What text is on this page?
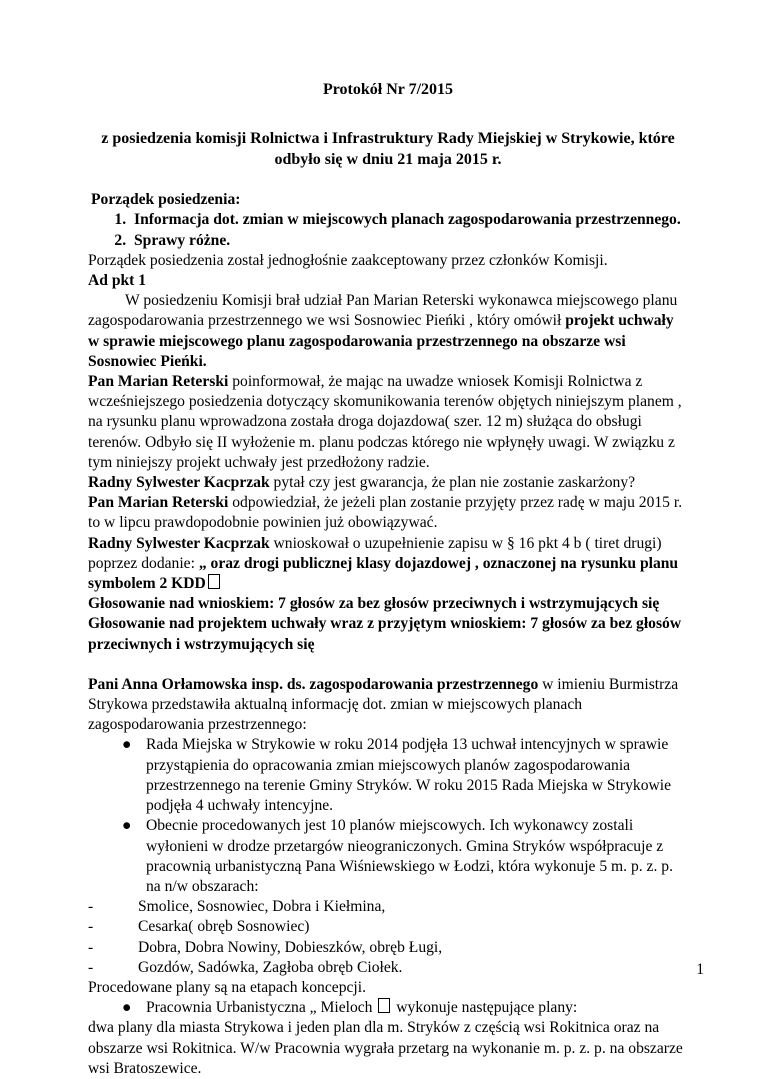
Protokół Nr 7/2015

z posiedzenia komisji Rolnictwa i Infrastruktury Rady Miejskiej w Strykowie, które odbyło się w dniu 21 maja 2015 r.

Porządek posiedzenia:

1. Informacja dot. zmian w miejscowych planach zagospodarowania przestrzennego.
2. Sprawy różne.

Porządek posiedzenia został jednogłośnie zaakceptowany przez członków Komisji.

Ad pkt 1

W posiedzeniu Komisji brał udział Pan Marian Reterski wykonawca miejscowego planu zagospodarowania przestrzennego we wsi Sosnowiec Pieńki , który omówił projekt uchwały w sprawie miejscowego planu zagospodarowania przestrzennego na obszarze wsi Sosnowiec Pieńki.

Pan Marian Reterski poinformował, że mając na uwadze wniosek Komisji Rolnictwa z wcześniejszego posiedzenia dotyczący skomunikowania terenów objętych niniejszym planem , na rysunku planu wprowadzona została droga dojazdowa( szer. 12 m) służąca do obsługi terenów. Odbyło się II wyłożenie m. planu podczas którego nie wpłynęły uwagi. W związku z tym niniejszy projekt uchwały jest przedłożony radzie.

Radny Sylwester Kacprzak pytał czy jest gwarancja, że plan nie zostanie zaskarżony?

Pan Marian Reterski odpowiedział, że jeżeli plan zostanie przyjęty przez radę w maju 2015 r. to w lipcu prawdopodobnie powinien już obowiązywać.

Radny Sylwester Kacprzak wnioskował o uzupełnienie zapisu w § 16 pkt 4 b ( tiret drugi) poprzez dodanie: „ oraz drogi publicznej klasy dojazdowej , oznaczonej na rysunku planu symbolem 2 KDD

Głosowanie nad wnioskiem: 7 głosów za bez głosów przeciwnych i wstrzymujących się

Głosowanie nad projektem uchwały wraz z przyjętym wnioskiem: 7 głosów za bez głosów przeciwnych i wstrzymujących się

Pani Anna Orłamowska insp. ds. zagospodarowania przestrzennego w imieniu Burmistrza Strykowa przedstawiła aktualną informację dot. zmian w miejscowych planach zagospodarowania przestrzennego:

● Rada Miejska w Strykowie w roku 2014 podjęła 13 uchwał intencyjnych w sprawie przystąpienia do opracowania zmian miejscowych planów zagospodarowania przestrzennego na terenie Gminy Stryków. W roku 2015 Rada Miejska w Strykowie podjęła 4 uchwały intencyjne.
● Obecnie procedowanych jest 10 planów miejscowych. Ich wykonawcy zostali wyłonieni w drodze przetargów nieograniczonych. Gmina Stryków współpracuje z pracownią urbanistyczną Pana Wiśniewskiego w Łodzi, która wykonuje 5 m. p. z. p. na n/w obszarach:

-	Smolice, Sosnowiec, Dobra i Kiełmina,

-	Cesarka( obręb Sosnowiec)

-	Dobra, Dobra Nowiny, Dobieszków, obręb Ługi,

-	Gozdów, Sadówka, Zagłoba obręb Ciołek.

Procedowane plany są na etapach koncepcji.

● Pracownia Urbanistyczna „ Mieloch  wykonuje następujące plany:

dwa plany dla miasta Strykowa i jeden plan dla m. Stryków z częścią wsi Rokitnica oraz na obszarze wsi Rokitnica. W/w Pracownia wygrała przetarg na wykonanie m. p. z. p. na obszarze wsi Bratoszewice.

1
